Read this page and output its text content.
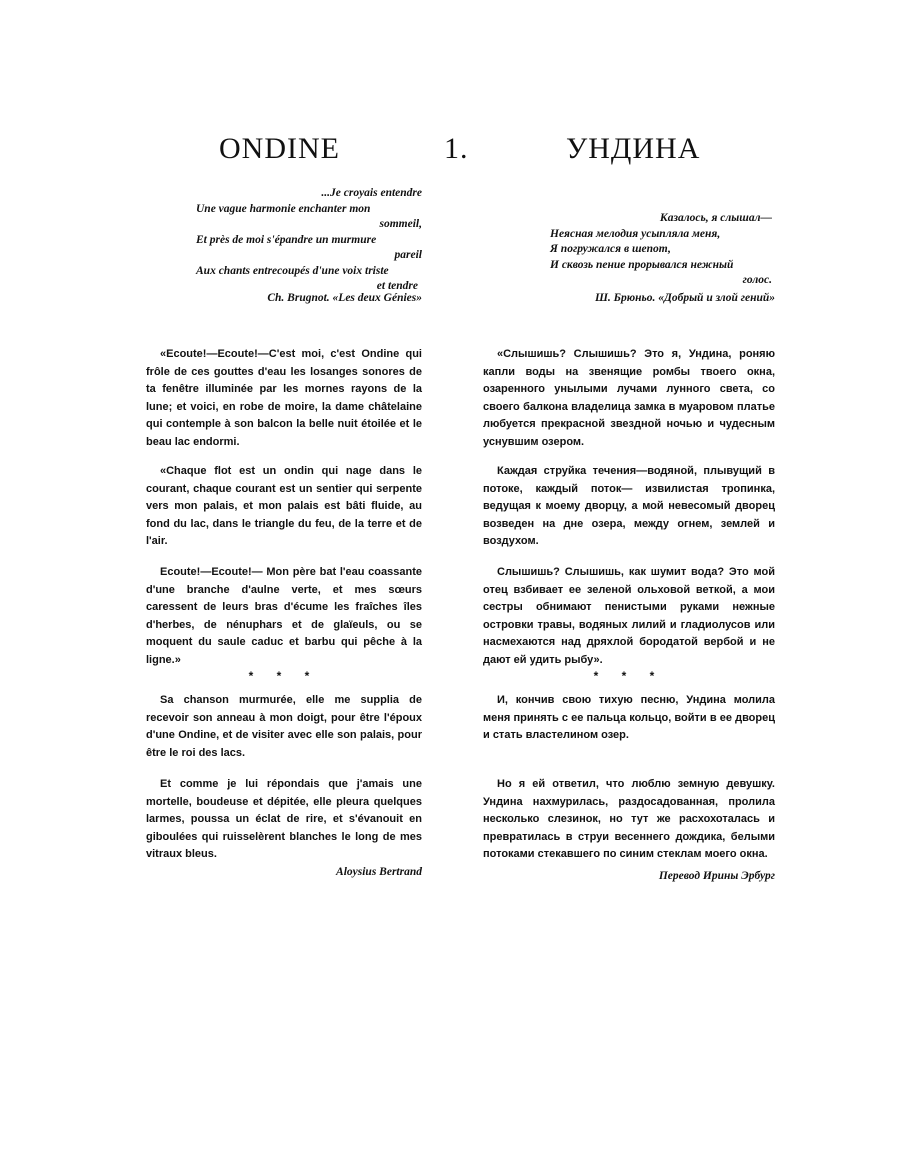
ONDINE	1.	УНДИНА
...Je croyais entendre
Une vague harmonie enchanter mon
sommeil,
Et près de moi s'épandre un murmure
pareil
Aux chants entrecoupés d'une voix triste
et tendre
Ch. Brugnot. «Les deux Génies»

«Ecoute!—Ecoute!—C'est moi, c'est Ondine qui frôle de ces gouttes d'eau les losanges sonores de ta fenêtre illuminée par les mornes rayons de la lune; et voici, en robe de moire, la dame châtelaine qui contemple à son balcon la belle nuit étoilée et le beau lac endormi.

«Chaque flot est un ondin qui nage dans le courant, chaque courant est un sentier qui serpente vers mon palais, et mon palais est bâti fluide, au fond du lac, dans le triangle du feu, de la terre et de l'air.

Ecoute!—Ecoute!— Mon père bat l'eau coassante d'une branche d'aulne verte, et mes sœurs caressent de leurs bras d'écume les fraîches îles d'herbes, de nénuphars et de glaïeuls, ou se moquent du saule caduc et barbu qui pêche à la ligne.»

* * *

Sa chanson murmurée, elle me supplia de recevoir son anneau à mon doigt, pour être l'époux d'une Ondine, et de visiter avec elle son palais, pour être le roi des lacs.

Et comme je lui répondais que j'amais une mortelle, boudeuse et dépitée, elle pleura quelques larmes, poussa un éclat de rire, et s'évanouit en giboulées qui ruisselèrent blanches le long de mes vitraux bleus.

Aloysius Bertrand
Казалось, я слышал—
Неясная мелодия усыпляла меня,
Я погружался в шепот,
И сквозь пение прорывался нежный
голос.
Ш. Брюньо. «Добрый и злой гений»

«Слышишь? Слышишь? Это я, Ундина, роняю капли воды на звенящие ромбы твоего окна, озаренного унылыми лучами лунного света, со своего балкона владелица замка в муаровом платье любуется прекрасной звездной ночью и чудесным уснувшим озером.

Каждая струйка течения—водяной, плывущий в потоке, каждый поток— извилистая тропинка, ведущая к моему дворцу, а мой невесомый дворец возведен на дне озера, между огнем, землей и воздухом.

Слышишь? Слышишь, как шумит вода? Это мой отец взбивает ее зеленой ольховой веткой, а мои сестры обнимают пенистыми руками нежные островки травы, водяных лилий и гладиолусов или насмехаются над дряхлой бородатой вербой и не дают ей удить рыбу».

* * *

И, кончив свою тихую песню, Ундина молила меня принять с ее пальца кольцо, войти в ее дворец и стать властелином озер.

Но я ей ответил, что люблю земную девушку. Ундина нахмурилась, раздосадованная, пролила несколько слезинок, но тут же расхохоталась и превратилась в струи весеннего дождика, белыми потоками стекавшего по синим стеклам моего окна.

Перевод Ирины Эрбург
